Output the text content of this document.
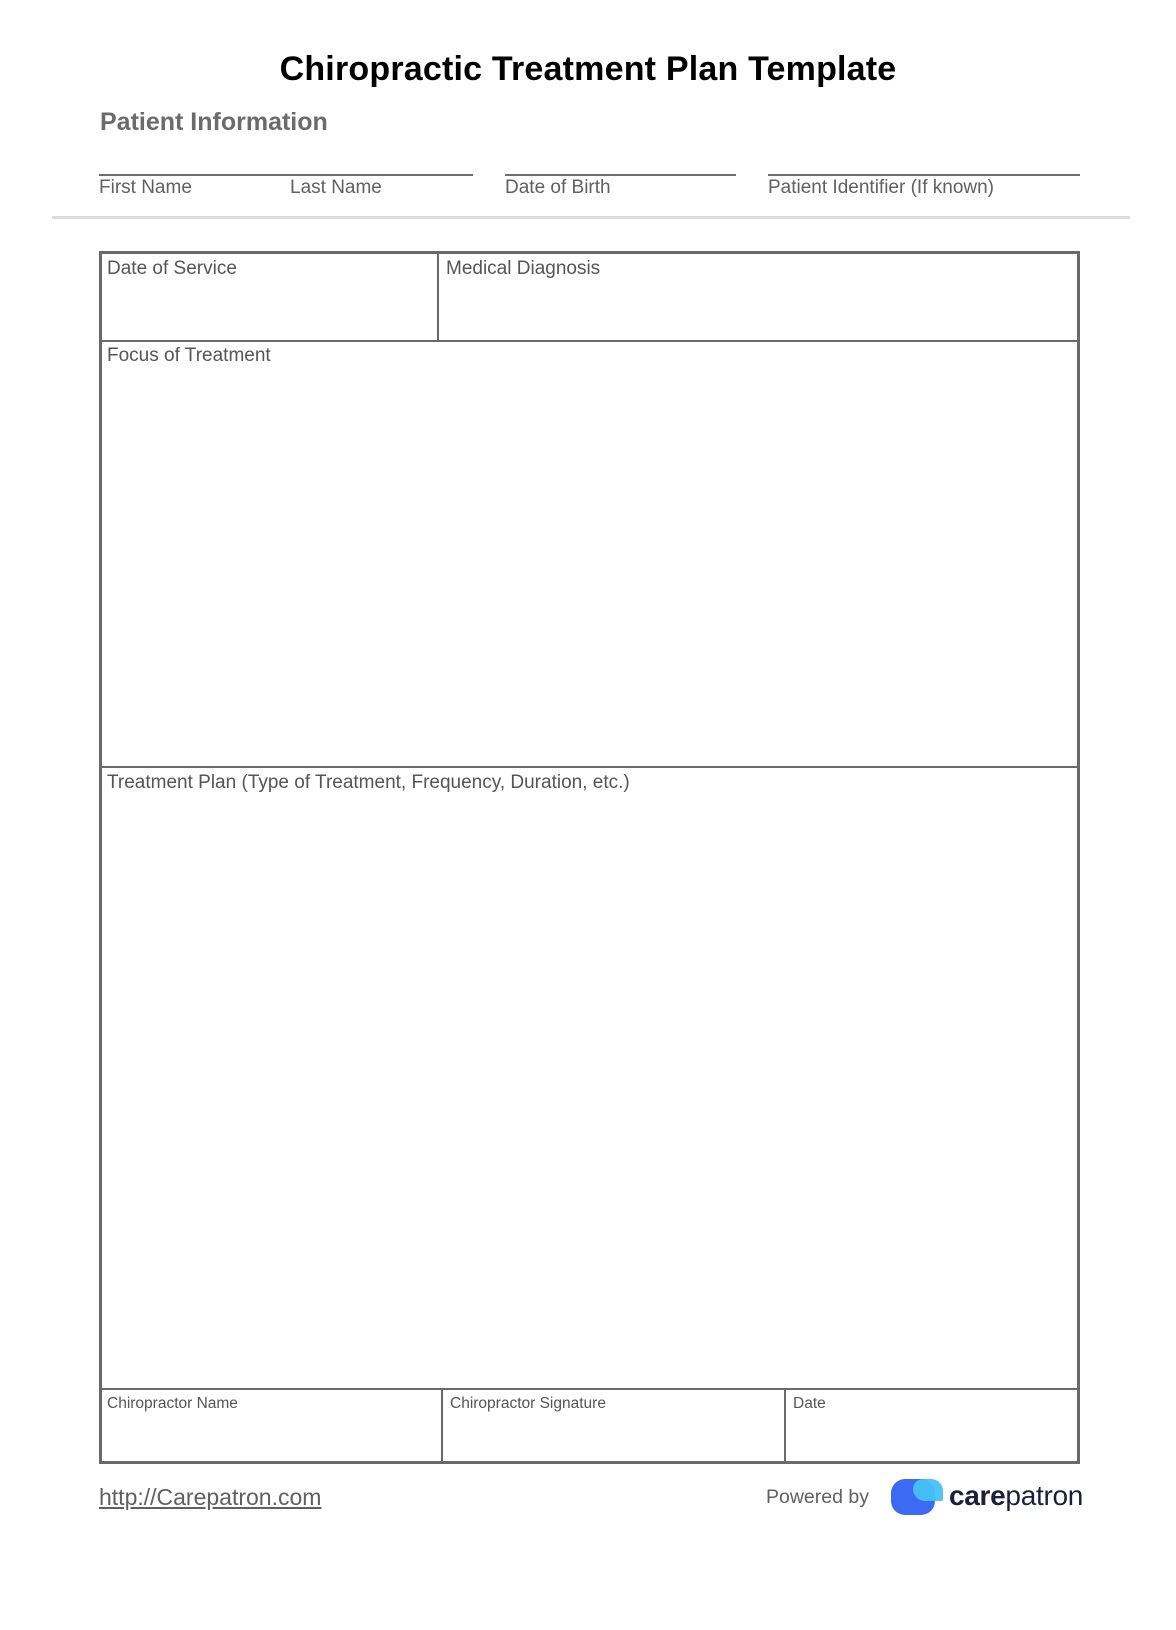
Chiropractic Treatment Plan Template
Patient Information
First Name	Last Name	Date of Birth	Patient Identifier (If known)
Date of Service	Medical Diagnosis
Focus of Treatment
Treatment Plan (Type of Treatment, Frequency, Duration, etc.)
Chiropractor Name	Chiropractor Signature	Date
http://Carepatron.com	Powered by	carepatron
